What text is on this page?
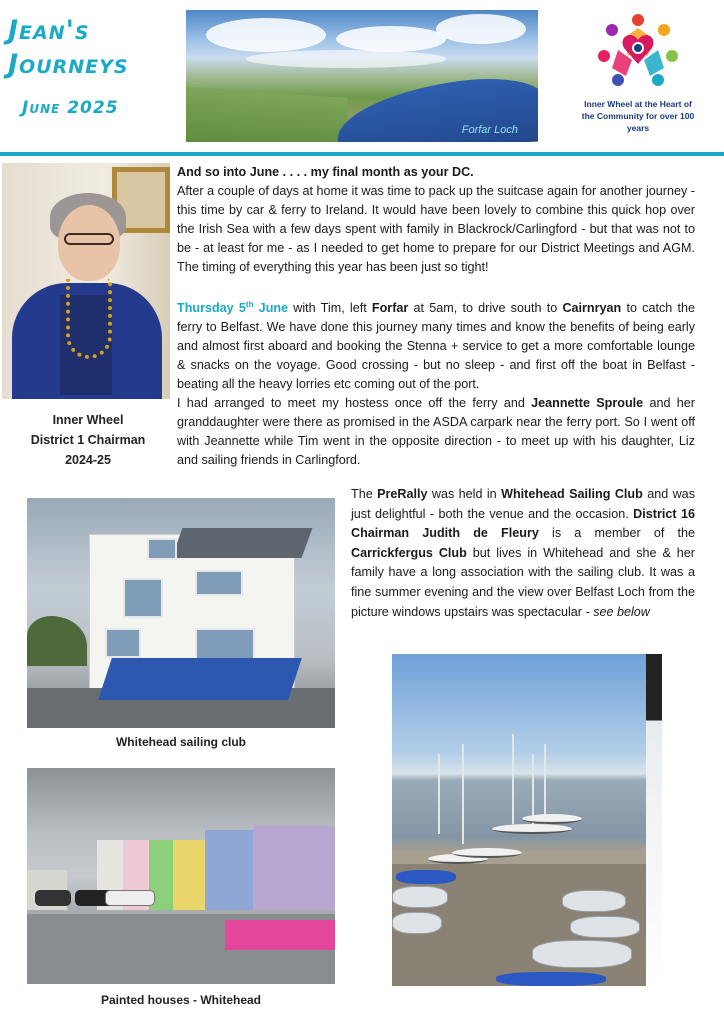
Jean's
Journeys
June 2025
Forfar Loch
Inner Wheel at the Heart of
the Community for over 100 years
Inner Wheel
District 1 Chairman
2024-25

And so into June . . . . my final month as your DC.

After a couple of days at home it was time to pack up the suitcase again for another journey - this time by car & ferry to Ireland. It would have been lovely to combine this quick hop over the Irish Sea with a few days spent with family in Blackrock/Carlingford - but that was not to be - at least for me - as I needed to get home to prepare for our District Meetings and AGM. The timing of everything this year has been just so tight!

Thursday 5th June with Tim, left Forfar at 5am, to drive south to Cairnryan to catch the ferry to Belfast. We have done this journey many times and know the benefits of being early and almost first aboard and booking the Stenna + service to get a more comfortable lounge & snacks on the voyage. Good crossing - but no sleep - and first off the boat in Belfast - beating all the heavy lorries etc coming out of the port.

I had arranged to meet my hostess once off the ferry and Jeannette Sproule and her granddaughter were there as promised in the ASDA carpark near the ferry port. So I went off with Jeannette while Tim went in the opposite direction - to meet up with his daughter, Liz and sailing friends in Carlingford.

The PreRally was held in Whitehead Sailing Club and was just delightful - both the venue and the occasion. District 16 Chairman Judith de Fleury is a member of the Carrickfergus Club but lives in Whitehead and she & her family have a long association with the sailing club. It was a fine summer evening and the view over Belfast Loch from the picture windows upstairs was spectacular - see below
Whitehead sailing club
Painted houses - Whitehead
